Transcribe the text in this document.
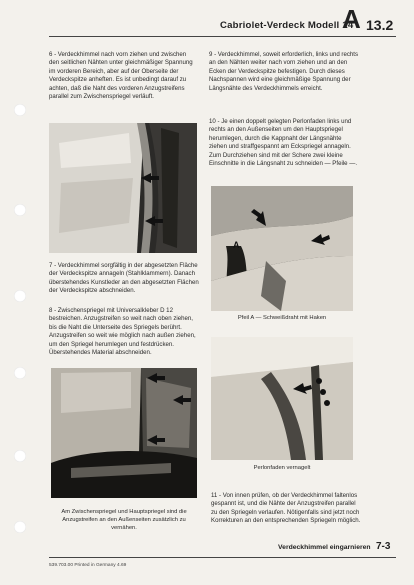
Cabriolet-Verdeck Modell 14
A 13.2
6 - Verdeckhimmel nach vorn ziehen und zwischen den seitlichen Nähten unter gleichmäßiger Spannung im vorderen Bereich, aber auf der Oberseite der Verdeckspitze anheften. Es ist unbedingt darauf zu achten, daß die Naht des vorderen Anzugstreifens parallel zum Zwischenspriegel verläuft.
9 - Verdeckhimmel, soweit erforderlich, links und rechts an den Nähten weiter nach vorn ziehen und an den Ecken der Verdeckspitze befestigen. Durch dieses Nachspannen wird eine gleichmäßige Spannung der Längsnähte des Verdeckhimmels erreicht.
10 - Je einen doppelt gelegten Perlonfaden links und rechts an den Außenseiten um den Hauptspriegel herumlegen, durch die Kappnaht der Längsnähte ziehen und straffgespannt am Eckspriegel annageln. Zum Durchziehen sind mit der Schere zwei kleine Einschnitte in die Längsnaht zu schneiden — Pfeile —.
A
7 - Verdeckhimmel sorgfältig in der abgesetzten Fläche der Verdeckspitze annageln (Stahlklammern). Danach überstehendes Kunstleder an den abgesetzten Flächen der Verdeckspitze abschneiden.
8 - Zwischenspriegel mit Universalkleber D 12 bestreichen. Anzugstreifen so weit nach oben ziehen, bis die Naht die Unterseite des Spriegels berührt. Anzugstreifen so weit wie möglich nach außen ziehen, um den Spriegel herumlegen und festdrücken. Überstehendes Material abschneiden.
Pfeil A — Schweißdraht mit Haken
Perlonfaden vernagelt
11 - Von innen prüfen, ob der Verdeckhimmel faltenlos gespannt ist, und die Nähte der Anzugstreifen parallel zu den Spriegeln verlaufen. Nötigenfalls sind jetzt noch Korrekturen an den entsprechenden Spriegeln möglich.
Am Zwischenspriegel und Hauptspriegel sind die Anzugstreifen an den Außenseiten zusätzlich zu vernähen.
Verdeckhimmel eingarnieren 7-3
539.703.00 Printed in Germany 4.69
